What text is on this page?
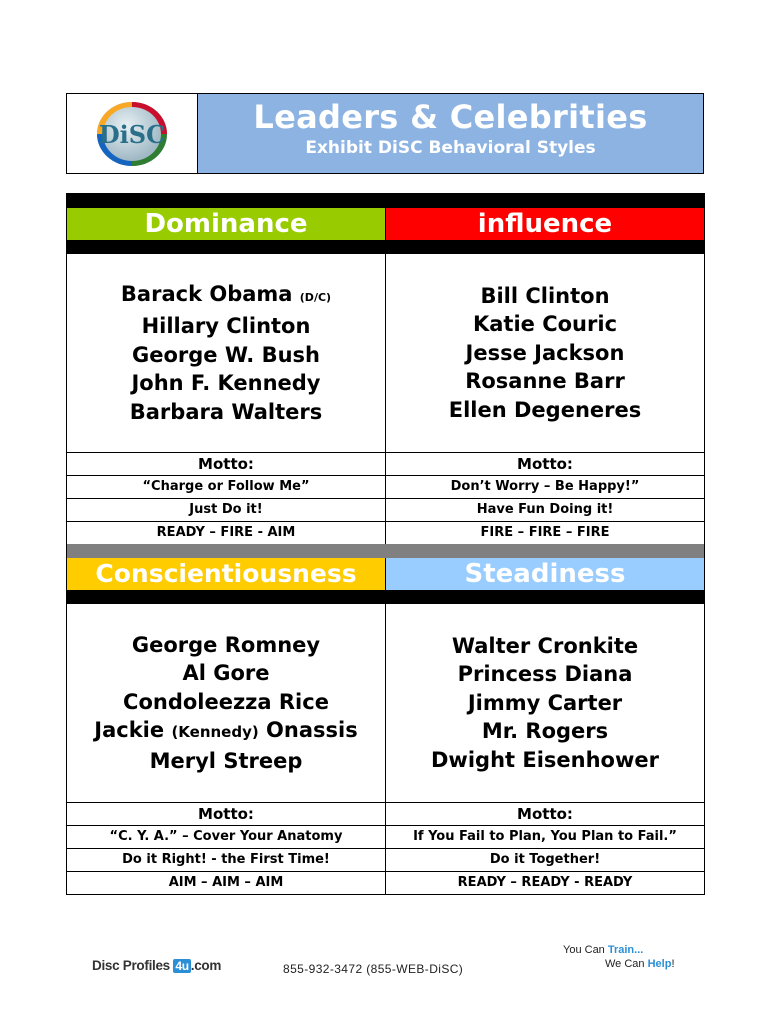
DiSC	Leaders & Celebrities
Exhibit DiSC Behavioral Styles
Dominance	influence
Barack Obama (D/C)
Hillary Clinton
George W. Bush
John F. Kennedy
Barbara Walters
Bill Clinton
Katie Couric
Jesse Jackson
Rosanne Barr
Ellen Degeneres
Motto:	Motto:
“Charge or Follow Me”	Don’t Worry – Be Happy!”
Just Do it!	Have Fun Doing it!
READY – FIRE - AIM	FIRE – FIRE – FIRE
Conscientiousness	Steadiness
George Romney
Al Gore
Condoleezza Rice
Jackie (Kennedy) Onassis
Meryl Streep
Walter Cronkite
Princess Diana
Jimmy Carter
Mr. Rogers
Dwight Eisenhower
Motto:	Motto:
“C. Y. A.” – Cover Your Anatomy	If You Fail to Plan, You Plan to Fail.”
Do it Right! - the First Time!	Do it Together!
AIM – AIM – AIM	READY – READY - READY
Disc Profiles 4u .com	855-932-3472 (855-WEB-DiSC)
You Can Train...
We Can Help!
